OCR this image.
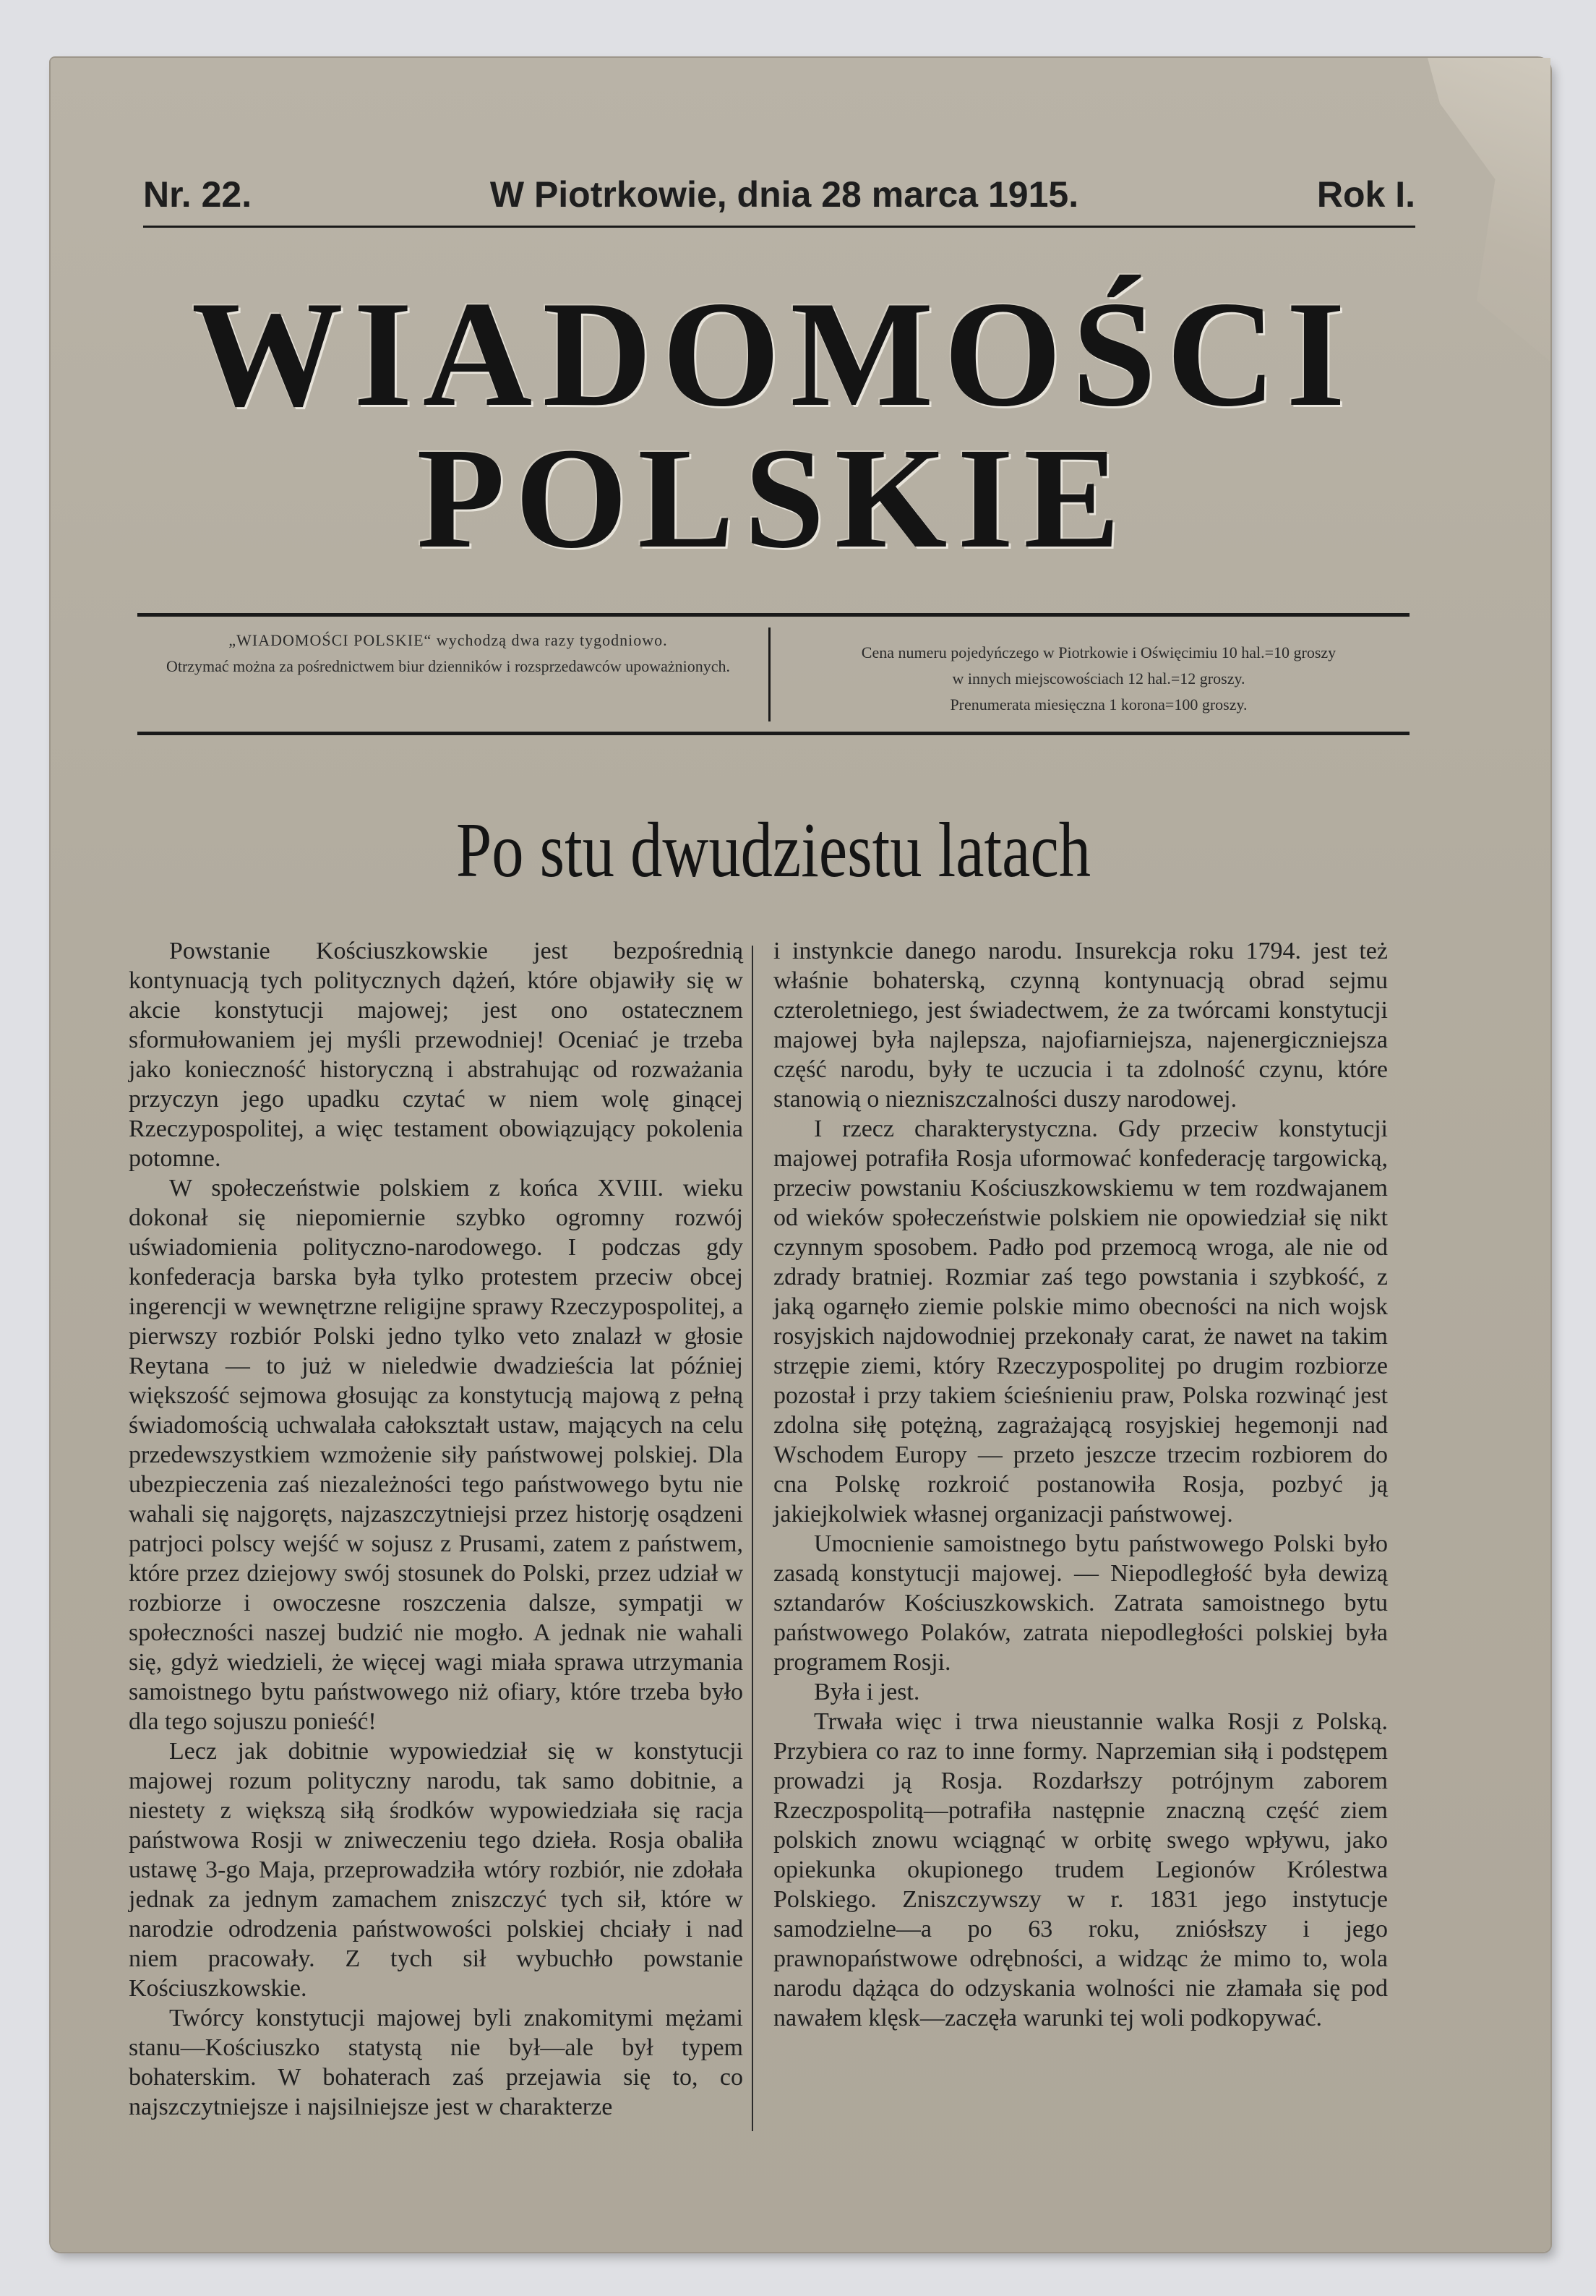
Nr. 22.	W Piotrkowie, dnia 28 marca 1915.	Rok I.
WIADOMOŚCI
POLSKIE
„WIADOMOŚCI POLSKIE“ wychodzą dwa razy tygodniowo.
Otrzymać można za pośrednictwem biur dzienników i rozsprzedawców upoważnionych.
Cena numeru pojedyńczego w Piotrkowie i Oświęcimiu 10 hal.=10 groszy
w innych miejscowościach 12 hal.=12 groszy.
Prenumerata miesięczna 1 korona=100 groszy.
Po stu dwudziestu latach

Powstanie Kościuszkowskie jest bezpośrednią kontynuacją tych politycznych dążeń, które objawiły się w akcie konstytucji majowej; jest ono ostatecznem sformułowaniem jej myśli przewodniej! Oceniać je trzeba jako konieczność historyczną i abstrahując od rozważania przyczyn jego upadku czytać w niem wolę ginącej Rzeczypospolitej, a więc testament obowiązujący pokolenia potomne.

W społeczeństwie polskiem z końca XVIII. wieku dokonał się niepomiernie szybko ogromny rozwój uświadomienia polityczno-narodowego. I podczas gdy konfederacja barska była tylko protestem przeciw obcej ingerencji w wewnętrzne religijne sprawy Rzeczypospolitej, a pierwszy rozbiór Polski jedno tylko veto znalazł w głosie Reytana — to już w nieledwie dwadzieścia lat później większość sejmowa głosując za konstytucją majową z pełną świadomością uchwalała całokształt ustaw, mających na celu przedewszystkiem wzmożenie siły państwowej polskiej. Dla ubezpieczenia zaś niezależności tego państwowego bytu nie wahali się najgoręts, najzaszczytniejsi przez historję osądzeni patrjoci polscy wejść w sojusz z Prusami, zatem z państwem, które przez dziejowy swój stosunek do Polski, przez udział w rozbiorze i owoczesne roszczenia dalsze, sympatji w społeczności naszej budzić nie mogło. A jednak nie wahali się, gdyż wiedzieli, że więcej wagi miała sprawa utrzymania samoistnego bytu państwowego niż ofiary, które trzeba było dla tego sojuszu ponieść!

Lecz jak dobitnie wypowiedział się w konstytucji majowej rozum polityczny narodu, tak samo dobitnie, a niestety z większą siłą środków wypowiedziała się racja państwowa Rosji w zniweczeniu tego dzieła. Rosja obaliła ustawę 3-go Maja, przeprowadziła wtóry rozbiór, nie zdołała jednak za jednym zamachem zniszczyć tych sił, które w narodzie odrodzenia państwowości polskiej chciały i nad niem pracowały. Z tych sił wybuchło powstanie Kościuszkowskie.

Twórcy konstytucji majowej byli znakomitymi mężami stanu—Kościuszko statystą nie był—ale był typem bohaterskim. W bohaterach zaś przejawia się to, co najszczytniejsze i najsilniejsze jest w charakterze

i instynkcie danego narodu. Insurekcja roku 1794. jest też właśnie bohaterską, czynną kontynuacją obrad sejmu czteroletniego, jest świadectwem, że za twórcami konstytucji majowej była najlepsza, najofiarniejsza, najenergiczniejsza część narodu, były te uczucia i ta zdolność czynu, które stanowią o niezniszczalności duszy narodowej.

I rzecz charakterystyczna. Gdy przeciw konstytucji majowej potrafiła Rosja uformować konfederację targowicką, przeciw powstaniu Kościuszkowskiemu w tem rozdwajanem od wieków społeczeństwie polskiem nie opowiedział się nikt czynnym sposobem. Padło pod przemocą wroga, ale nie od zdrady bratniej. Rozmiar zaś tego powstania i szybkość, z jaką ogarnęło ziemie polskie mimo obecności na nich wojsk rosyjskich najdowodniej przekonały carat, że nawet na takim strzępie ziemi, który Rzeczypospolitej po drugim rozbiorze pozostał i przy takiem ścieśnieniu praw, Polska rozwinąć jest zdolna siłę potężną, zagrażającą rosyjskiej hegemonji nad Wschodem Europy — przeto jeszcze trzecim rozbiorem do cna Polskę rozkroić postanowiła Rosja, pozbyć ją jakiejkolwiek własnej organizacji państwowej.

Umocnienie samoistnego bytu państwowego Polski było zasadą konstytucji majowej. — Niepodległość była dewizą sztandarów Kościuszkowskich. Zatrata samoistnego bytu państwowego Polaków, zatrata niepodległości polskiej była programem Rosji.

Była i jest.

Trwała więc i trwa nieustannie walka Rosji z Polską. Przybiera co raz to inne formy. Naprzemian siłą i podstępem prowadzi ją Rosja. Rozdarłszy potrójnym zaborem Rzeczpospolitą—potrafiła następnie znaczną część ziem polskich znowu wciągnąć w orbitę swego wpływu, jako opiekunka okupionego trudem Legionów Królestwa Polskiego. Zniszczywszy w r. 1831 jego instytucje samodzielne—a po 63 roku, zniósłszy i jego prawnopaństwowe odrębności, a widząc że mimo to, wola narodu dążąca do odzyskania wolności nie złamała się pod nawałem klęsk—zaczęła warunki tej woli podkopywać.
